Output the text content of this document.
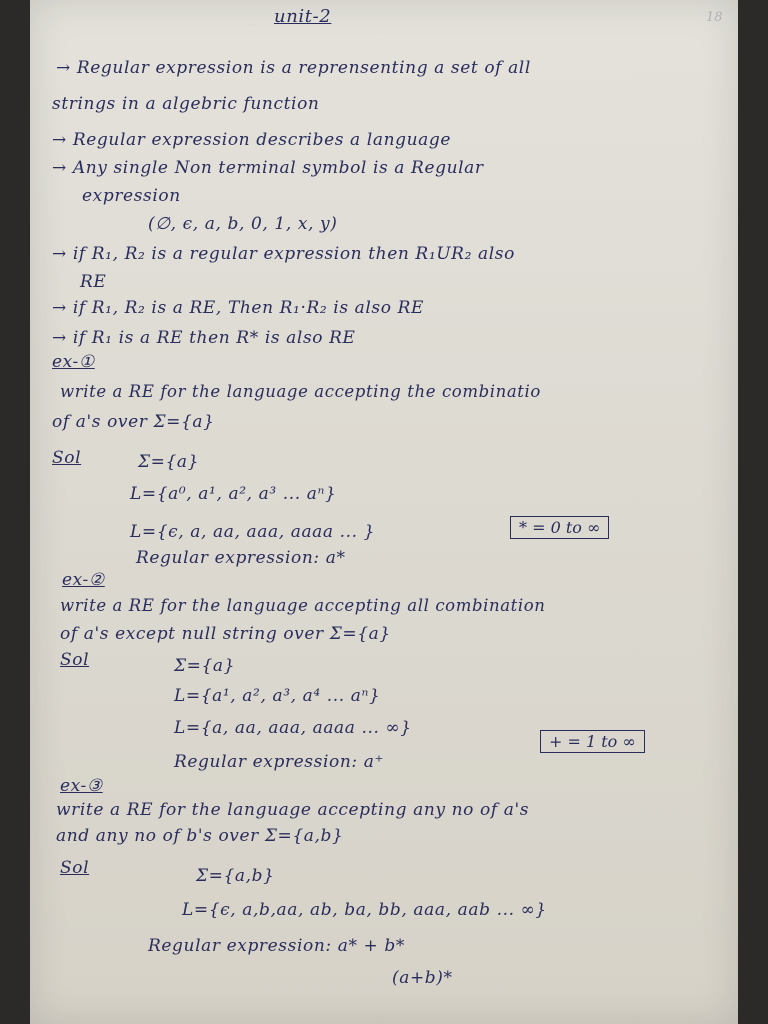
unit-2	18
→ Regular expression is a reprensenting a set of all
strings in a algebric function
→ Regular expression describes a language
→ Any single Non terminal symbol is a Regular
expression
(∅, ϵ, a, b, 0, 1, x, y)
→ if R₁, R₂ is a regular expression then R₁UR₂ also
RE
→ if R₁, R₂ is a RE, Then R₁·R₂ is also RE
→ if R₁ is a RE then R* is also RE
ex-①
write a RE for the language accepting the combinatio
of a's over Σ={a}
Sol	Σ={a}
L={a⁰, a¹, a², a³ ... aⁿ}
L={ϵ, a, aa, aaa, aaaa ... }	* = 0 to ∞
Regular expression: a*
ex-②
write a RE for the language accepting all combination
of a's except null string over Σ={a}
Sol	Σ={a}
L={a¹, a², a³, a⁴ ... aⁿ}
L={a, aa, aaa, aaaa ... ∞}
+ = 1 to ∞
Regular expression: a⁺
ex-③
write a RE for the language accepting any no of a's
and any no of b's over Σ={a,b}
Sol	Σ={a,b}
L={ϵ, a,b,aa, ab, ba, bb, aaa, aab ... ∞}
Regular expression: a* + b*
(a+b)*
